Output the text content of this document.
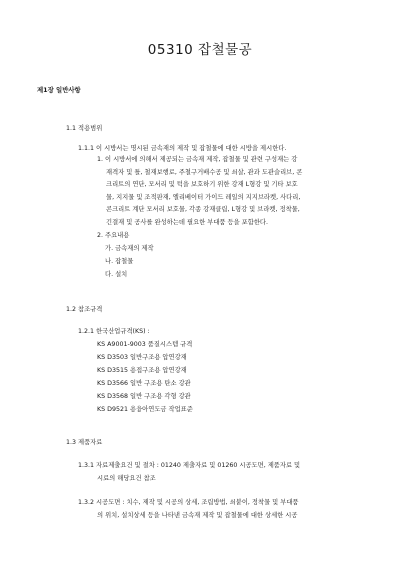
05310 잡철물공
제1장 일반사항
1.1 적용범위
1.1.1 이 시방서는 명시된 금속재의 제작 및 잡철물에 대한 시방을 제시한다.
1. 이 시방서에 의해서 제공되는 금속재 제작, 잡철물 및 관련 구성재는 강
재격자 및 틀, 철재보행로, 주철구거배수공 및 쇠살, 관과 도관슬리브, 콘
크리트의 연단, 모서리 및 턱을 보호하기 위한 강재 L형강 및 기타 보호
물, 지지물 및 조적판재, 엘리베이터 가이드 레일의 지지브라켓, 사다리,
콘크리트 계단 모서리 보호물, 각종 강재클립, L형강 및 브라켓, 정착물,
긴결재 및 공사를 완성하는데 필요한 부대품 등을 포함한다.
2. 주요내용
가. 금속재의 제작
나. 잡철물
다. 설치
1.2 참조규격
1.2.1 한국산업규격(KS) :
KS A9001-9003 품질시스템 규격
KS D3503 일반구조용 압연강재
KS D3515 용접구조용 압연강재
KS D3566 일반 구조용 탄소 강관
KS D3568 일반 구조용 각형 강관
KS D9521 용융아연도금 작업표준
1.3 제품자료
1.3.1 자료제출요건 및 절차 : 01240 제출자료 및 01260 시공도면, 제품자료 및
시료의 해당요건 참조
1.3.2 시공도면 : 치수, 제작 및 시공의 상세, 조립방법, 쇠붙이, 정착물 및 부대품
의 위치, 설치상세 등을 나타낸 금속재 제작 및 잡철물에 대한 상세한 시공
